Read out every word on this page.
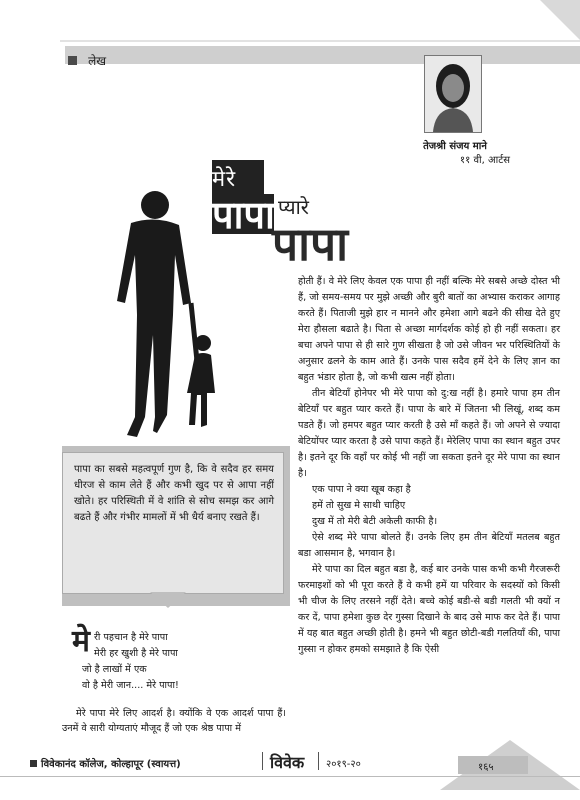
लेख
तेजश्री संजय माने
११ वी, आर्टस
मेरे
पापा प्यारे
पापा

होती हैं। वे मेरे लिए केवल एक पापा ही नहीं बल्कि मेरे सबसे अच्छे दोस्त भी हैं, जो समय-समय पर मुझे अच्छी और बुरी बातों का अभ्यास कराकर आगाह करते हैं। पिताजी मुझे हार न मानने और हमेशा आगे बढने की सीख देते हुए मेरा हौसला बढाते है। पिता से अच्छा मार्गदर्शक कोई हो ही नहीं सकता। हर बचा अपने पापा से ही सारे गुण सीखता है जो उसे जीवन भर परिस्थितियों के अनुसार ढलने के काम आते हैं। उनके पास सदैव हमें देने के लिए ज्ञान का बहुत भंडार होता है, जो कभी खत्म नहीं होता।

तीन बेटियाँ होनेपर भी मेरे पापा को दु:ख नहीं है। हमारे पापा हम तीन बेटियाँ पर बहुत प्यार करते हैं। पापा के बारे में जितना भी लिखूं, शब्द कम पडते हैं। जो हमपर बहुत प्यार करती है उसे माँ कहते हैं। जो अपने से ज्यादा बेटियोंपर प्यार करता है उसे पापा कहते हैं। मेरेलिए पापा का स्थान बहुत उपर है। इतने दूर कि वहाँ पर कोई भी नहीं जा सकता इतने दूर मेरे पापा का स्थान है।

एक पापा ने क्या खूब कहा है

हमें तो सुख मे साथी चाहिए

दुख में तो मेरी बेटी अकेली काफी है।

ऐसे शब्द मेरे पापा बोलते हैं। उनके लिए हम तीन बेटियाँ मतलब बहुत बडा आसमान है, भगवान है।

मेरे पापा का दिल बहुत बडा है, कई बार उनके पास कभी कभी गैरजरूरी फरमाइशों को भी पूरा करते हैं वे कभी हमें या परिवार के सदस्यों को किसी भी चीज के लिए तरसने नहीं देते। बच्चे कोई बडी-से बडी गलती भी क्यों न कर दें, पापा हमेशा कुछ देर गुस्सा दिखाने के बाद उसे माफ कर देते हैं। पापा में यह बात बहुत अच्छी होती है। हमने भी बहुत छोटी-बडी गलतियाँ की, पापा गुस्सा न होकर हमको समझाते है कि ऐसी

पापा का सबसे महत्वपूर्ण गुण है, कि वे सदैव हर समय धीरज से काम लेते हैं और कभी खुद पर से आपा नहीं खोते। हर परिस्थिती में वे शांति से सोच समझ कर आगे बढते हैं और गंभीर मामलों में भी धैर्य बनाए रखते हैं।
मे री पहचान है मेरे पापा

मेरी हर खुशी है मेरे पापा

जो है लाखों में एक

वो है मेरी जान.... मेरे पापा!

मेरे पापा मेरे लिए आदर्श है। क्योंकि वे एक आदर्श पापा हैं। उनमें वे सारी योग्यताएं मौजूद हैं जो एक श्रेष्ठ पापा में
विवेकानंद कॉलेज, कोल्हापूर (स्वायत्त)	विवेक २०१९-२०	१६५
